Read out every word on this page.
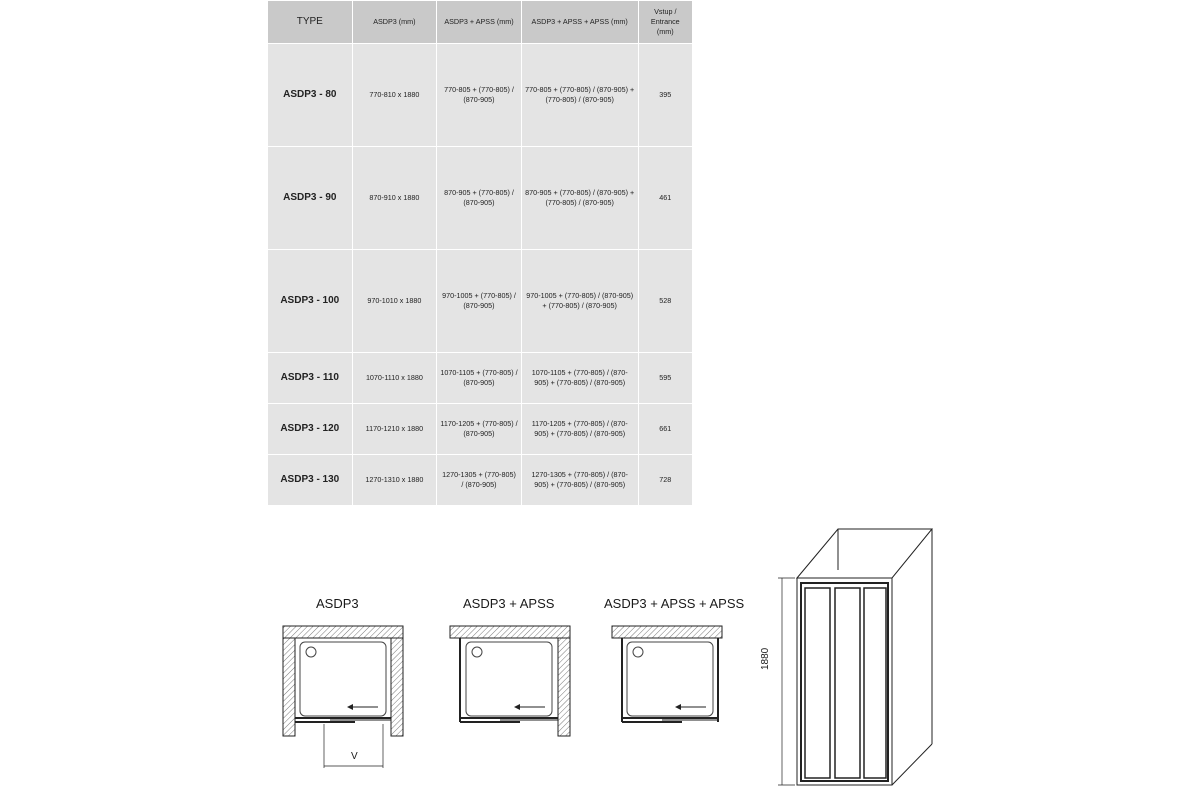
TYPE	ASDP3 (mm)	ASDP3 + APSS (mm)	ASDP3 + APSS + APSS (mm)	Vstup / Entrance (mm)
ASDP3 - 80	770-810 x 1880	770-805 + (770-805) / (870-905)	770-805 + (770-805) / (870-905) + (770-805) / (870-905)	395
ASDP3 - 90	870-910 x 1880	870-905 + (770-805) / (870-905)	870-905 + (770-805) / (870-905) + (770-805) / (870-905)	461
ASDP3 - 100	970-1010 x 1880	970-1005 + (770-805) / (870-905)	970-1005 + (770-805) / (870-905) + (770-805) / (870-905)	528
ASDP3 - 110	1070-1110 x 1880	1070-1105 + (770-805) / (870-905)	1070-1105 + (770-805) / (870-905) + (770-805) / (870-905)	595
ASDP3 - 120	1170-1210 x 1880	1170-1205 + (770-805) / (870-905)	1170-1205 + (770-805) / (870-905) + (770-805) / (870-905)	661
ASDP3 - 130	1270-1310 x 1880	1270-1305 + (770-805) / (870-905)	1270-1305 + (770-805) / (870-905) + (770-805) / (870-905)	728
ASDP3	ASDP3 + APSS	ASDP3 + APSS + APSS
V
1880
